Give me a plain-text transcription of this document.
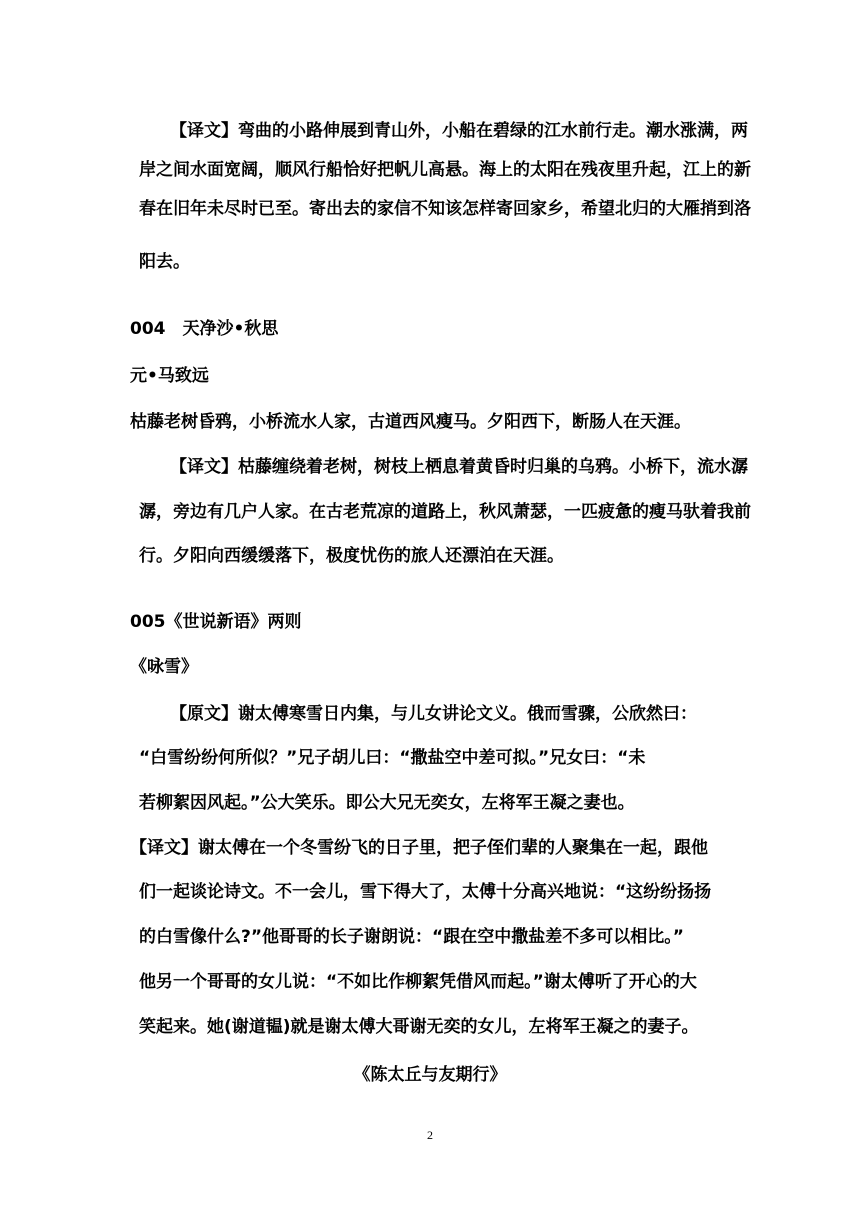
【译文】弯曲的小路伸展到青山外，小船在碧绿的江水前行走。潮水涨满，两
岸之间水面宽阔，顺风行船恰好把帆儿高悬。海上的太阳在残夜里升起，江上的新
春在旧年未尽时已至。寄出去的家信不知该怎样寄回家乡，希望北归的大雁捎到洛
阳去。
004　天净沙•秋思
元•马致远
枯藤老树昏鸦，小桥流水人家，古道西风瘦马。夕阳西下，断肠人在天涯。
【译文】枯藤缠绕着老树，树枝上栖息着黄昏时归巢的乌鸦。小桥下，流水潺
潺，旁边有几户人家。在古老荒凉的道路上，秋风萧瑟，一匹疲惫的瘦马驮着我前
行。夕阳向西缓缓落下，极度忧伤的旅人还漂泊在天涯。
005《世说新语》两则
《咏雪》
【原文】谢太傅寒雪日内集，与儿女讲论文义。俄而雪骤，公欣然曰：
“白雪纷纷何所似？”兄子胡儿曰：“撒盐空中差可拟。”兄女曰：“未
若柳絮因风起。”公大笑乐。即公大兄无奕女，左将军王凝之妻也。
【译文】谢太傅在一个冬雪纷飞的日子里，把子侄们辈的人聚集在一起，跟他
们一起谈论诗文。不一会儿，雪下得大了，太傅十分高兴地说：“这纷纷扬扬
的白雪像什么?”他哥哥的长子谢朗说：“跟在空中撒盐差不多可以相比。”
他另一个哥哥的女儿说：“不如比作柳絮凭借风而起。”谢太傅听了开心的大
笑起来。她(谢道韫)就是谢太傅大哥谢无奕的女儿，左将军王凝之的妻子。
《陈太丘与友期行》
2
